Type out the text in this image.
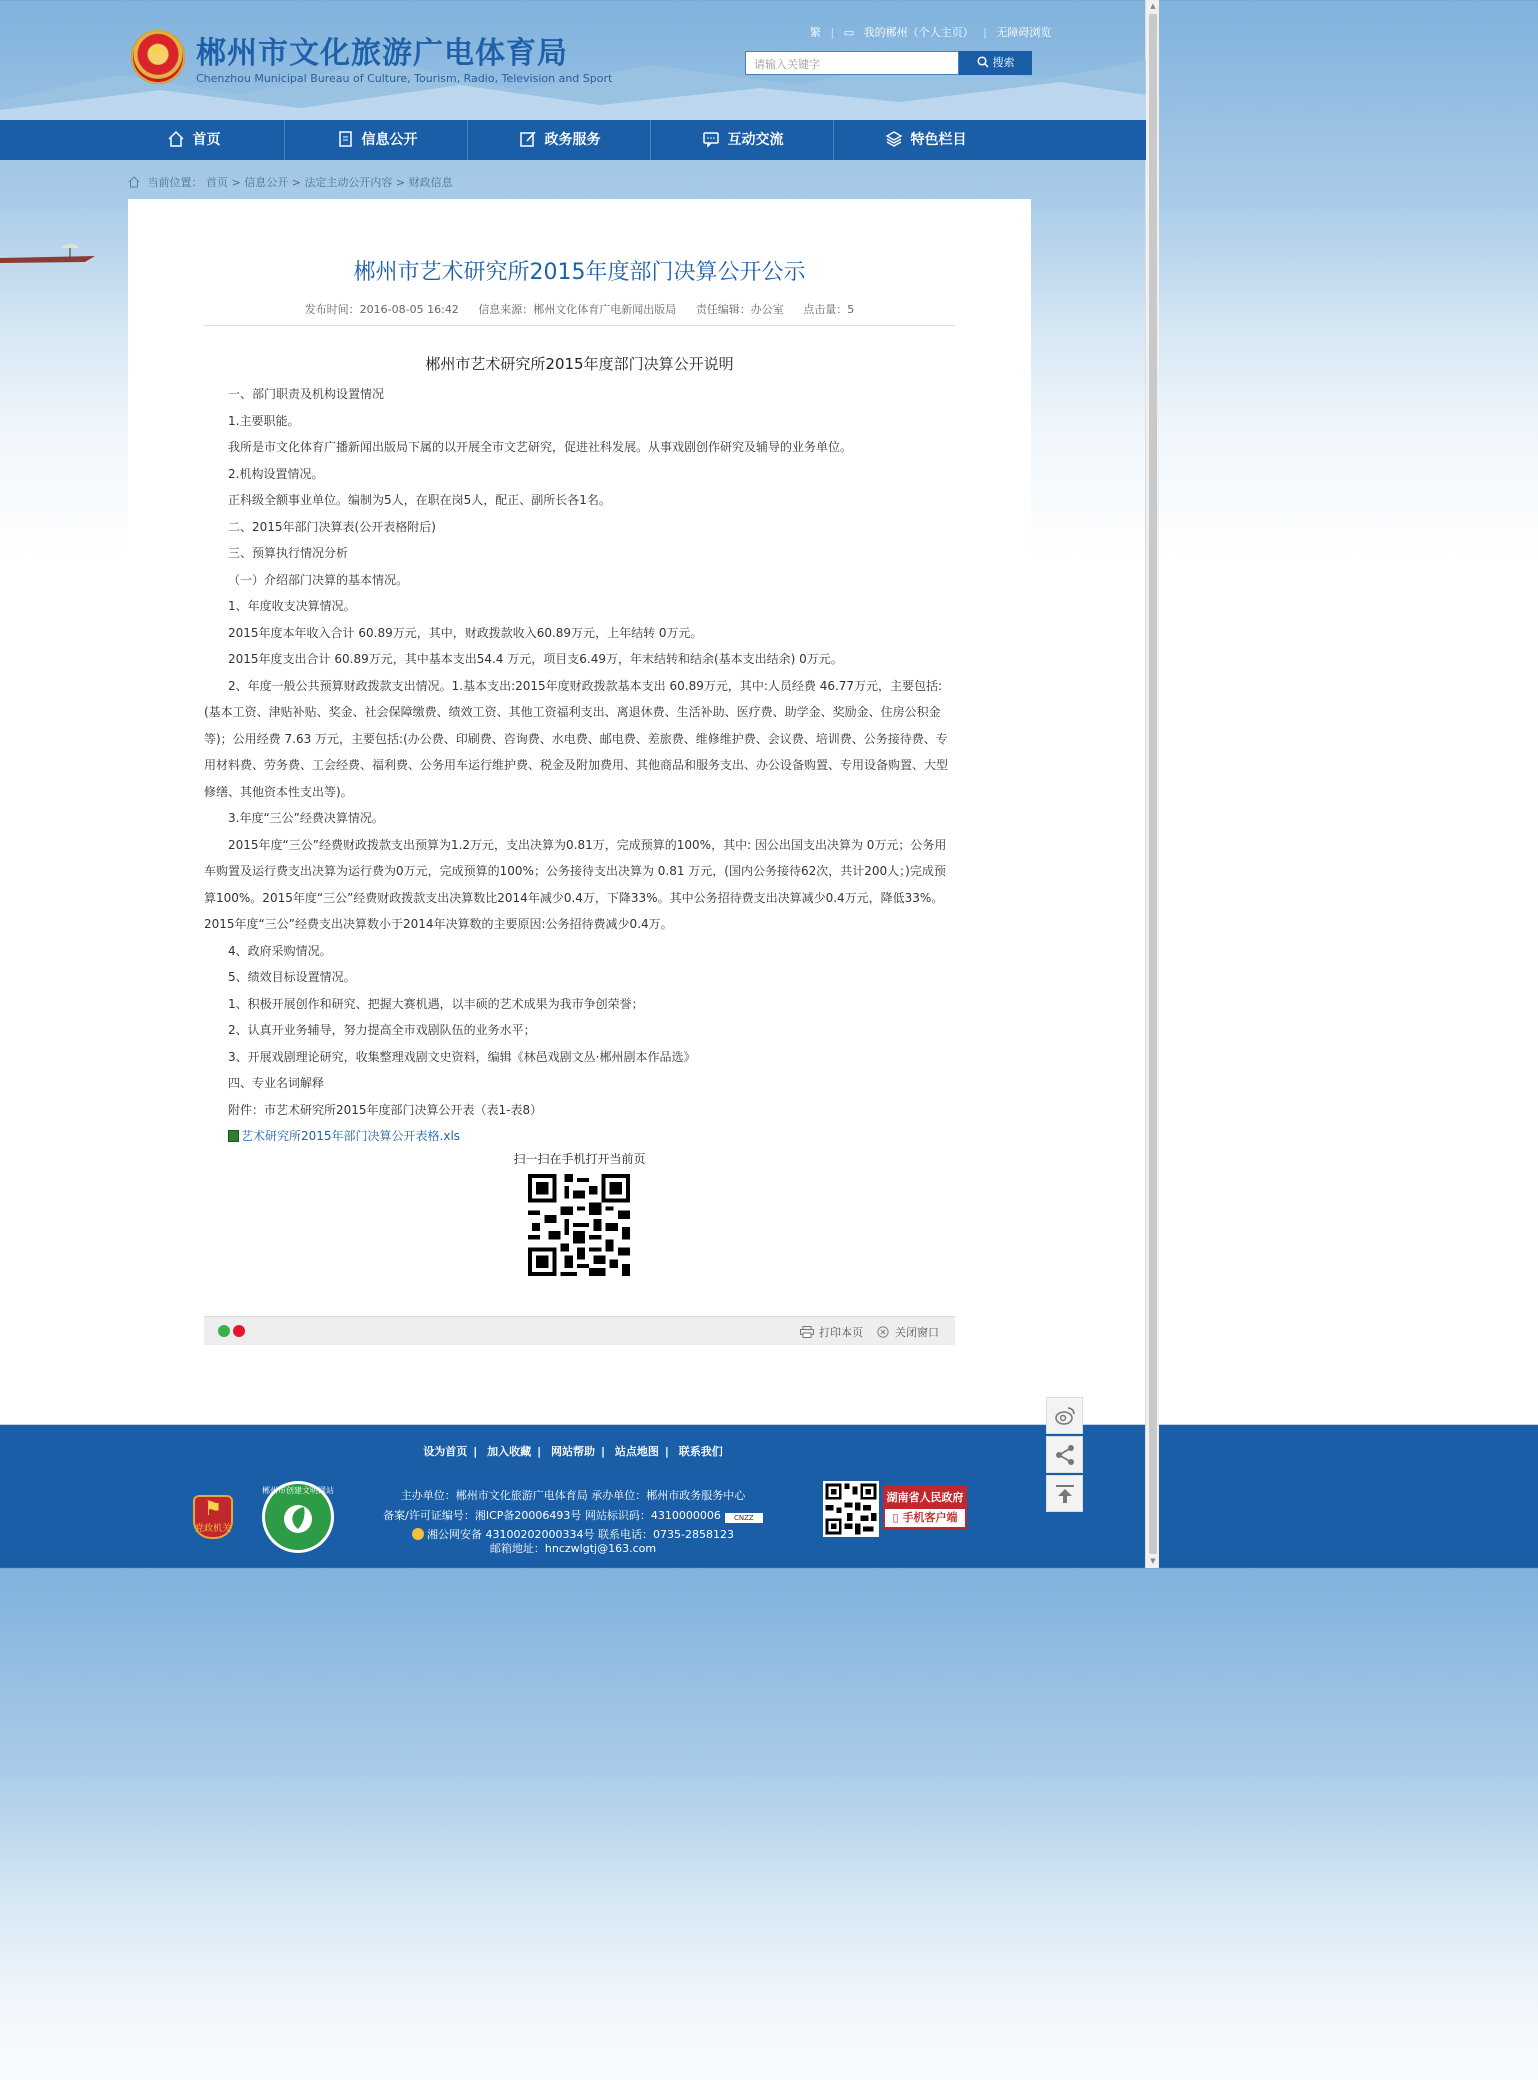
▲
▼
★ 郴州市文化旅游广电体育局
Chenzhou Municipal Bureau of Culture, Tourism, Radio, Television and Sport
繁 | ▭ 我的郴州（个人主页） | 无障碍浏览
请输入关键字	搜索
首页	信息公开	政务服务	互动交流	特色栏目
当前位置： 首页 > 信息公开 > 法定主动公开内容 > 财政信息
郴州市艺术研究所2015年度部门决算公开公示
发布时间：2016-08-05 16:42 信息来源：郴州文化体育广电新闻出版局 责任编辑：办公室 点击量：5
郴州市艺术研究所2015年度部门决算公开说明

一、部门职责及机构设置情况

1.主要职能。

我所是市文化体育广播新闻出版局下属的以开展全市文艺研究，促进社科发展。从事戏剧创作研究及辅导的业务单位。

2.机构设置情况。

正科级全额事业单位。编制为5人，在职在岗5人，配正、副所长各1名。

二、2015年部门决算表(公开表格附后)

三、预算执行情况分析

（一）介绍部门决算的基本情况。

1、年度收支决算情况。

2015年度本年收入合计 60.89万元，其中，财政拨款收入60.89万元，上年结转 0万元。

2015年度支出合计 60.89万元，其中基本支出54.4 万元，项目支6.49万，年末结转和结余(基本支出结余) 0万元。

2、年度一般公共预算财政拨款支出情况。1.基本支出:2015年度财政拨款基本支出 60.89万元，其中:人员经费 46.77万元，主要包括:(基本工资、津贴补贴、奖金、社会保障缴费、绩效工资、其他工资福利支出、离退休费、生活补助、医疗费、助学金、奖励金、住房公积金等)；公用经费 7.63 万元，主要包括:(办公费、印刷费、咨询费、水电费、邮电费、差旅费、维修维护费、会议费、培训费、公务接待费、专用材料费、劳务费、工会经费、福利费、公务用车运行维护费、税金及附加费用、其他商品和服务支出、办公设备购置、专用设备购置、大型修缮、其他资本性支出等)。

3.年度“三公”经费决算情况。

2015年度“三公”经费财政拨款支出预算为1.2万元，支出决算为0.81万，完成预算的100%，其中: 因公出国支出决算为 0万元；公务用车购置及运行费支出决算为运行费为0万元，完成预算的100%；公务接待支出决算为 0.81 万元，(国内公务接待62次，共计200人；)完成预算100%。2015年度“三公”经费财政拨款支出决算数比2014年减少0.4万，下降33%。其中公务招待费支出决算减少0.4万元，降低33%。2015年度“三公”经费支出决算数小于2014年决算数的主要原因:公务招待费减少0.4万。

4、政府采购情况。

5、绩效目标设置情况。

1、积极开展创作和研究、把握大赛机遇，以丰硕的艺术成果为我市争创荣誉；

2、认真开业务辅导，努力提高全市戏剧队伍的业务水平；

3、开展戏剧理论研究，收集整理戏剧文史资料，编辑《林邑戏剧文丛·郴州剧本作品选》

四、专业名词解释

附件：市艺术研究所2015年度部门决算公开表（表1-表8）

艺术研究所2015年部门决算公开表格.xls

扫一扫在手机打开当前页
打印本页	关闭窗口
设为首页 | 加入收藏 | 网站帮助 | 站点地图 | 联系我们
主办单位：郴州市文化旅游广电体育局 承办单位：郴州市政务服务中心
备案/许可证编号：湘ICP备20006493号 网站标识码：4310000006 CNZZ
湘公网安备 43100202000334号 联系电话：0735-2858123
邮箱地址：hnczwlgtj@163.com
⚑
党政机关
郴州市创建文明网站
湖南省人民政府
▯ 手机客户端
